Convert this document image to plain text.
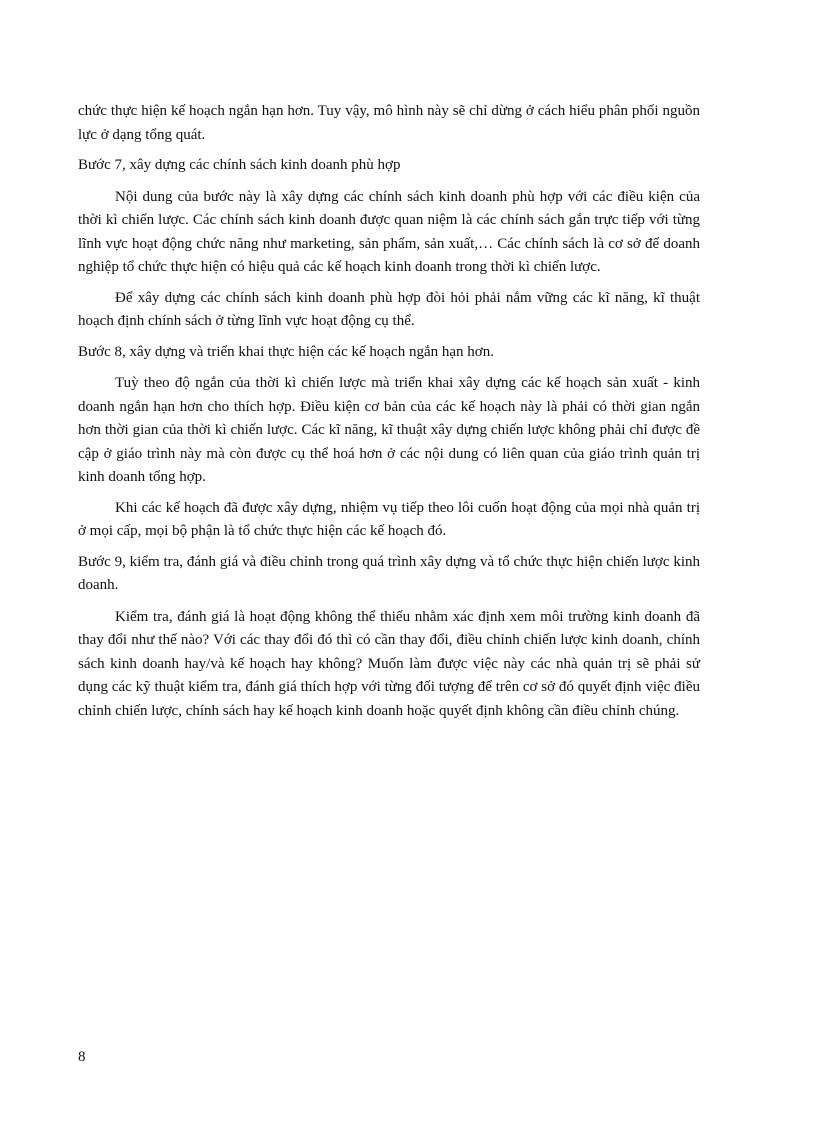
chức thực hiện kế hoạch ngắn hạn hơn. Tuy vậy, mô hình này sẽ chỉ dừng ở cách hiểu phân phối nguồn lực ở dạng tổng quát.

Bước 7, xây dựng các chính sách kinh doanh phù hợp

Nội dung của bước này là xây dựng các chính sách kinh doanh phù hợp với các điều kiện của thời kì chiến lược. Các chính sách kinh doanh được quan niệm là các chính sách gắn trực tiếp với từng lĩnh vực hoạt động chức năng như marketing, sản phẩm, sản xuất,… Các chính sách là cơ sở để doanh nghiệp tổ chức thực hiện có hiệu quả các kế hoạch kinh doanh trong thời kì chiến lược.

Để xây dựng các chính sách kinh doanh phù hợp đòi hỏi phải nắm vững các kĩ năng, kĩ thuật hoạch định chính sách ở từng lĩnh vực hoạt động cụ thể.

Bước 8, xây dựng và triển khai thực hiện các kế hoạch ngắn hạn hơn.

Tuỳ theo độ ngắn của thời kì chiến lược mà triển khai xây dựng các kế hoạch sản xuất - kinh doanh ngắn hạn hơn cho thích hợp. Điều kiện cơ bản của các kế hoạch này là phải có thời gian ngắn hơn thời gian của thời kì chiến lược. Các kĩ năng, kĩ thuật xây dựng chiến lược không phải chỉ được đề cập ở giáo trình này mà còn được cụ thể hoá hơn ở các nội dung có liên quan của giáo trình quản trị kinh doanh tổng hợp.

Khi các kế hoạch đã được xây dựng, nhiệm vụ tiếp theo lôi cuốn hoạt động của mọi nhà quản trị ở mọi cấp, mọi bộ phận là tổ chức thực hiện các kế hoạch đó.

Bước 9, kiểm tra, đánh giá và điều chỉnh trong quá trình xây dựng và tổ chức thực hiện chiến lược kinh doanh.

Kiểm tra, đánh giá là hoạt động không thể thiếu nhằm xác định xem môi trường kinh doanh đã thay đổi như thế nào? Với các thay đổi đó thì có cần thay đổi, điều chỉnh chiến lược kinh doanh, chính sách kinh doanh hay/và kế hoạch hay không? Muốn làm được việc này các nhà quản trị sẽ phải sử dụng các kỹ thuật kiểm tra, đánh giá thích hợp với từng đối tượng để trên cơ sở đó quyết định việc điều chỉnh chiến lược, chính sách hay kế hoạch kinh doanh hoặc quyết định không cần điều chỉnh chúng.

8
